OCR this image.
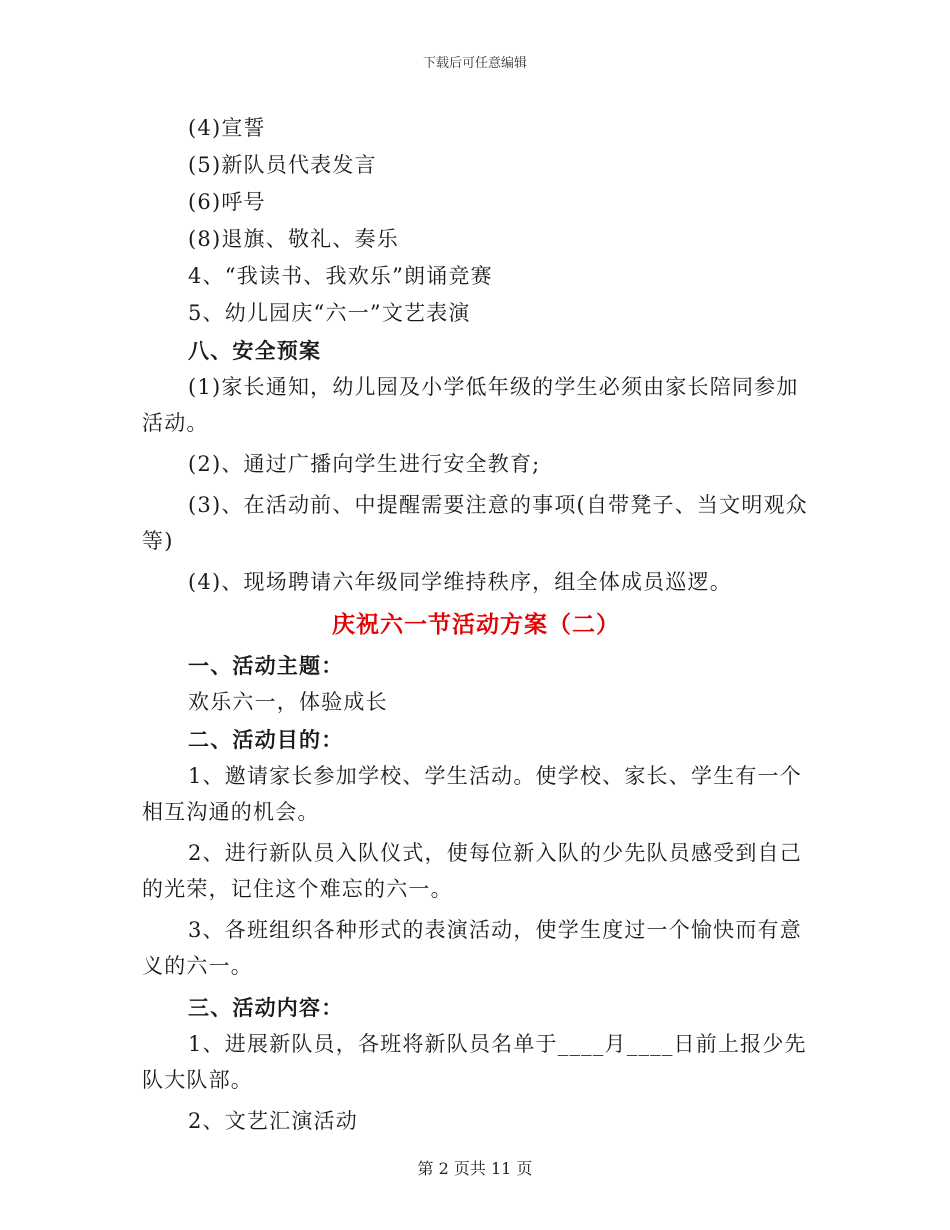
下载后可任意编辑
(4)宣誓
(5)新队员代表发言
(6)呼号
(8)退旗、敬礼、奏乐
4、“我读书、我欢乐”朗诵竞赛
5、幼儿园庆“六一”文艺表演
八、安全预案
(1)家长通知，幼儿园及小学低年级的学生必须由家长陪同参加活动。
(2)、通过广播向学生进行安全教育;
(3)、在活动前、中提醒需要注意的事项(自带凳子、当文明观众等)
(4)、现场聘请六年级同学维持秩序，组全体成员巡逻。
庆祝六一节活动方案（二）
一、活动主题：
欢乐六一，体验成长
二、活动目的：
1、邀请家长参加学校、学生活动。使学校、家长、学生有一个相互沟通的机会。
2、进行新队员入队仪式，使每位新入队的少先队员感受到自己的光荣，记住这个难忘的六一。
3、各班组织各种形式的表演活动，使学生度过一个愉快而有意义的六一。
三、活动内容：
1、进展新队员，各班将新队员名单于____月____日前上报少先队大队部。
2、文艺汇演活动
第 2 页共 11 页
